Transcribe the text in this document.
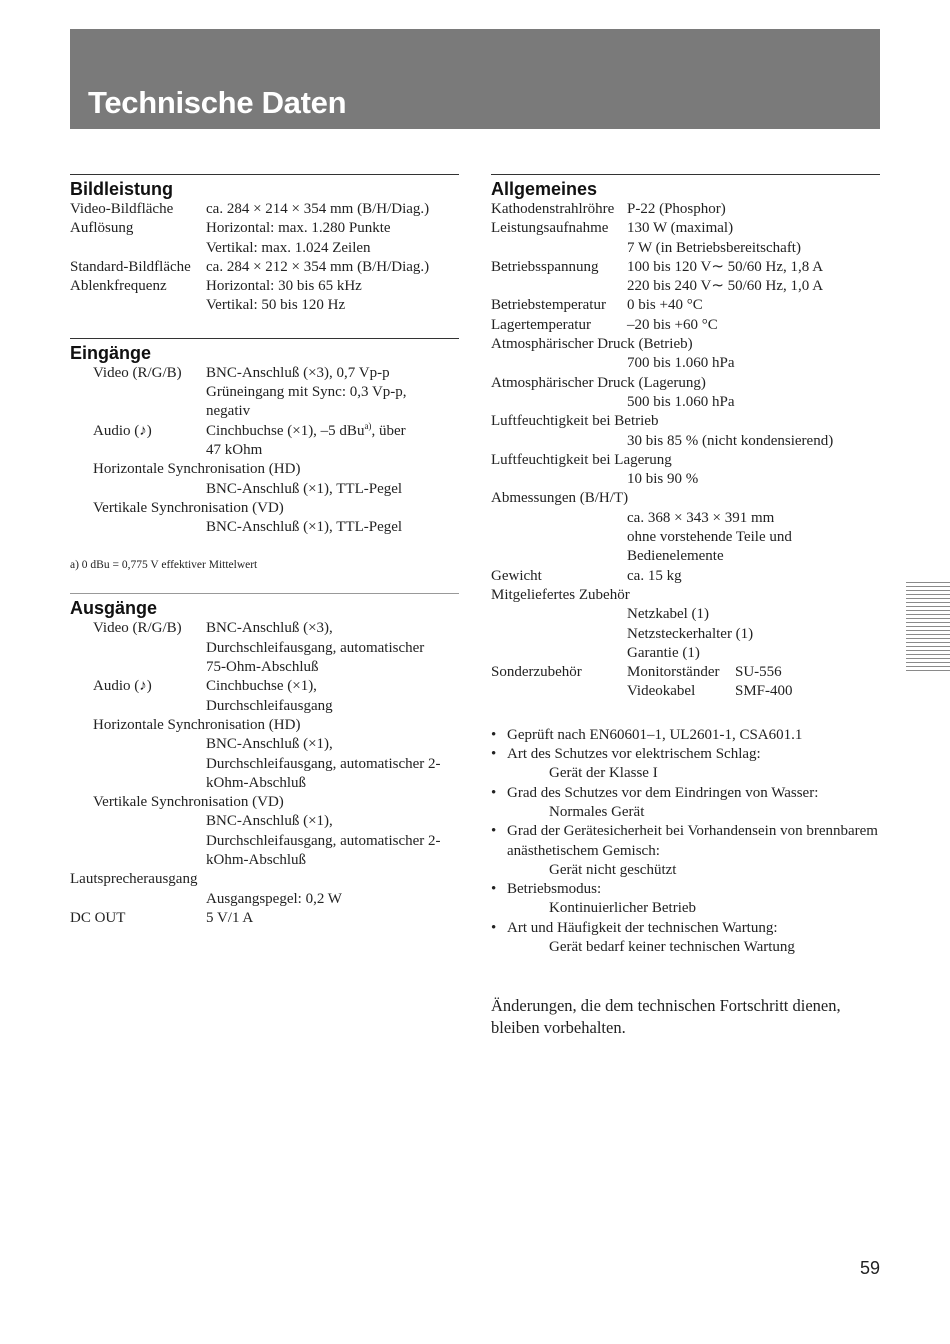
Technische Daten
Bildleistung
Video-Bildfläche	ca. 284 × 214 × 354 mm (B/H/Diag.)
Auflösung	Horizontal: max. 1.280 Punkte
	Vertikal: max. 1.024 Zeilen
Standard-Bildfläche	ca. 284 × 212 × 354 mm (B/H/Diag.)
Ablenkfrequenz	Horizontal: 30 bis 65 kHz
	Vertikal: 50 bis 120 Hz
Eingänge
Video (R/G/B)	BNC-Anschluß (×3), 0,7 Vp-p
	Grüneingang mit Sync: 0,3 Vp-p,
	negativ
Audio (♪)	Cinchbuchse (×1), –5 dBu$^{a)}$, über
	47 kOhm
Horizontale Synchronisation (HD)	
	BNC-Anschluß (×1), TTL-Pegel
Vertikale Synchronisation (VD)	
	BNC-Anschluß (×1), TTL-Pegel
a) 0 dBu = 0,775 V effektiver Mittelwert
Ausgänge
Video (R/G/B)	BNC-Anschluß (×3),
	Durchschleifausgang, automatischer
	75-Ohm-Abschluß
Audio (♪)	Cinchbuchse (×1),
	Durchschleifausgang
Horizontale Synchronisation (HD)	
	BNC-Anschluß (×1),
	Durchschleifausgang, automatischer 2-
	kOhm-Abschluß
Vertikale Synchronisation (VD)	
	BNC-Anschluß (×1),
	Durchschleifausgang, automatischer 2-
	kOhm-Abschluß
Lautsprecherausgang	
	Ausgangspegel: 0,2 W
DC OUT	5 V/1 A
Allgemeines
Kathodenstrahlröhre	P-22 (Phosphor)
Leistungsaufnahme	130 W (maximal)
	7 W (in Betriebsbereitschaft)
Betriebsspannung	100 bis 120 V∼ 50/60 Hz, 1,8 A
	220 bis 240 V∼ 50/60 Hz, 1,0 A
Betriebstemperatur	0 bis +40 °C
Lagertemperatur	–20 bis +60 °C
Atmosphärischer Druck (Betrieb)	
	700 bis 1.060 hPa
Atmosphärischer Druck (Lagerung)	
	500 bis 1.060 hPa
Luftfeuchtigkeit bei Betrieb	
	30 bis 85 % (nicht kondensierend)
Luftfeuchtigkeit bei Lagerung	
	10 bis 90 %
Abmessungen (B/H/T)	
	ca. 368 × 343 × 391 mm
	ohne vorstehende Teile und
	Bedienelemente
Gewicht	ca. 15 kg
Mitgeliefertes Zubehör	
	Netzkabel (1)
	Netzsteckerhalter (1)
	Garantie (1)
Sonderzubehör	Monitorständer SU-556
	Videokabel SMF-400
• Geprüft nach EN60601–1, UL2601-1, CSA601.1
• Art des Schutzes vor elektrischem Schlag:
Gerät der Klasse I
• Grad des Schutzes vor dem Eindringen von Wasser:
Normales Gerät
• Grad der Gerätesicherheit bei Vorhandensein von brennbarem anästhetischem Gemisch:
Gerät nicht geschützt
• Betriebsmodus:
Kontinuierlicher Betrieb
• Art und Häufigkeit der technischen Wartung:
Gerät bedarf keiner technischen Wartung

Änderungen, die dem technischen Fortschritt dienen, bleiben vorbehalten.

59
